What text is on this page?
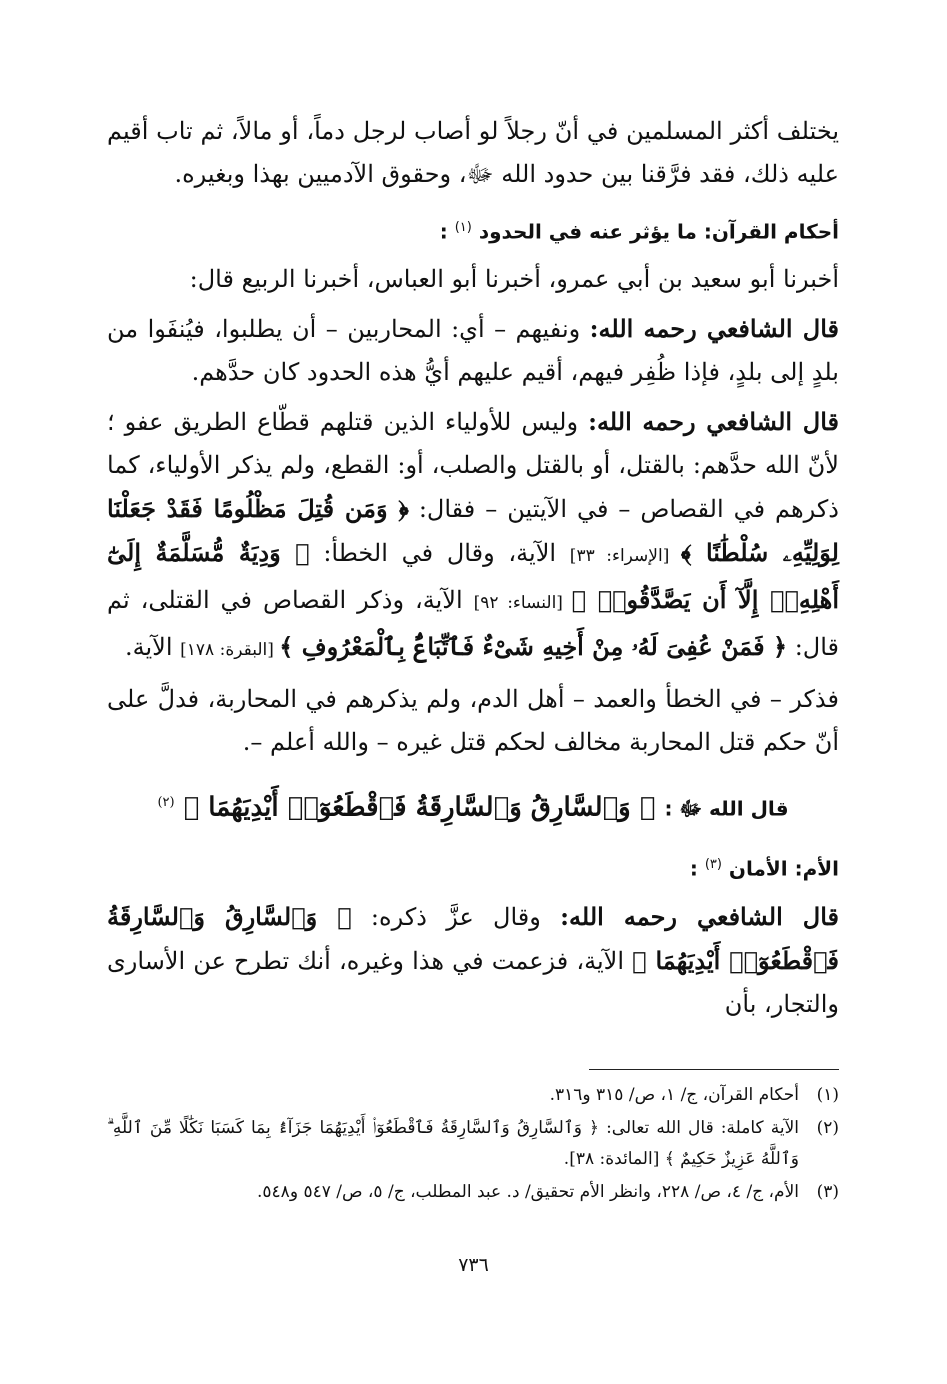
يختلف أكثر المسلمين في أنّ رجلاً لو أصاب لرجل دماً، أو مالاً، ثم تاب أقيم عليه ذلك، فقد فرَّقنا بين حدود الله ﷻ، وحقوق الآدميين بهذا وبغيره.

أحكام القرآن: ما يؤثر عنه في الحدود $^{(١)}$ :

أخبرنا أبو سعيد بن أبي عمرو، أخبرنا أبو العباس، أخبرنا الربيع قال:

قال الشافعي رحمه الله: ونفيهم – أي: المحاربين – أن يطلبوا، فيُنفَوا من بلدٍ إلى بلدٍ، فإذا ظُفِر فيهم، أقيم عليهم أيُّ هذه الحدود كان حدَّهم.

قال الشافعي رحمه الله: وليس للأولياء الذين قتلهم قطّاع الطريق عفو ؛ لأنّ الله حدَّهم: بالقتل، أو بالقتل والصلب، أو: القطع، ولم يذكر الأولياء، كما ذكرهم في القصاص – في الآيتين – فقال: ﴿ وَمَن قُتِلَ مَظْلُومًا فَقَدْ جَعَلْنَا لِوَلِيِّهِۦ سُلْطَٰنًا ﴾ [الإسراء: ٣٣] الآية، وقال في الخطأ: ﴿ وَدِيَةٌ مُّسَلَّمَةٌ إِلَىٰٓ أَهْلِهِۦٓ إِلَّآ أَن يَصَّدَّقُوا۟ ﴾ [النساء: ٩٢] الآية، وذكر القصاص في القتلى، ثم قال: ﴿ فَمَنْ عُفِىَ لَهُۥ مِنْ أَخِيهِ شَىْءٌ فَٱتِّبَاعٌۢ بِٱلْمَعْرُوفِ ﴾ [البقرة: ١٧٨] الآية.

فذكر – في الخطأ والعمد – أهل الدم، ولم يذكرهم في المحاربة، فدلَّ على أنّ حكم قتل المحاربة مخالف لحكم قتل غيره – والله أعلم –.

قال الله ﷻ : ﴿ وَٱلسَّارِقُ وَٱلسَّارِقَةُ فَٱقْطَعُوٓا۟ أَيْدِيَهُمَا ﴾ $^{(٢)}$
الأم: الأمان $^{(٣)}$ :

قال الشافعي رحمه الله: وقال عزَّ ذكره: ﴿ وَٱلسَّارِقُ وَٱلسَّارِقَةُ فَٱقْطَعُوٓا۟ أَيْدِيَهُمَا ﴾ الآية، فزعمت في هذا وغيره، أنك تطرح عن الأسارى والتجار، بأن

(١)
أحكام القرآن، ج/ ١، ص/ ٣١٥ و٣١٦.
(٢)
الآية كاملة: قال الله تعالى: ﴿ وَٱلسَّارِقُ وَٱلسَّارِقَةُ فَٱقْطَعُوٓا۟ أَيْدِيَهُمَا جَزَآءًۢ بِمَا كَسَبَا نَكَٰلًا مِّنَ ٱللَّهِ ۗ وَٱللَّهُ عَزِيزٌ حَكِيمٌ ﴾ [المائدة: ٣٨].
(٣)
الأم، ج/ ٤، ص/ ٢٢٨، وانظر الأم تحقيق/ د. عبد المطلب، ج/ ٥، ص/ ٥٤٧ و٥٤٨.
٧٣٦
